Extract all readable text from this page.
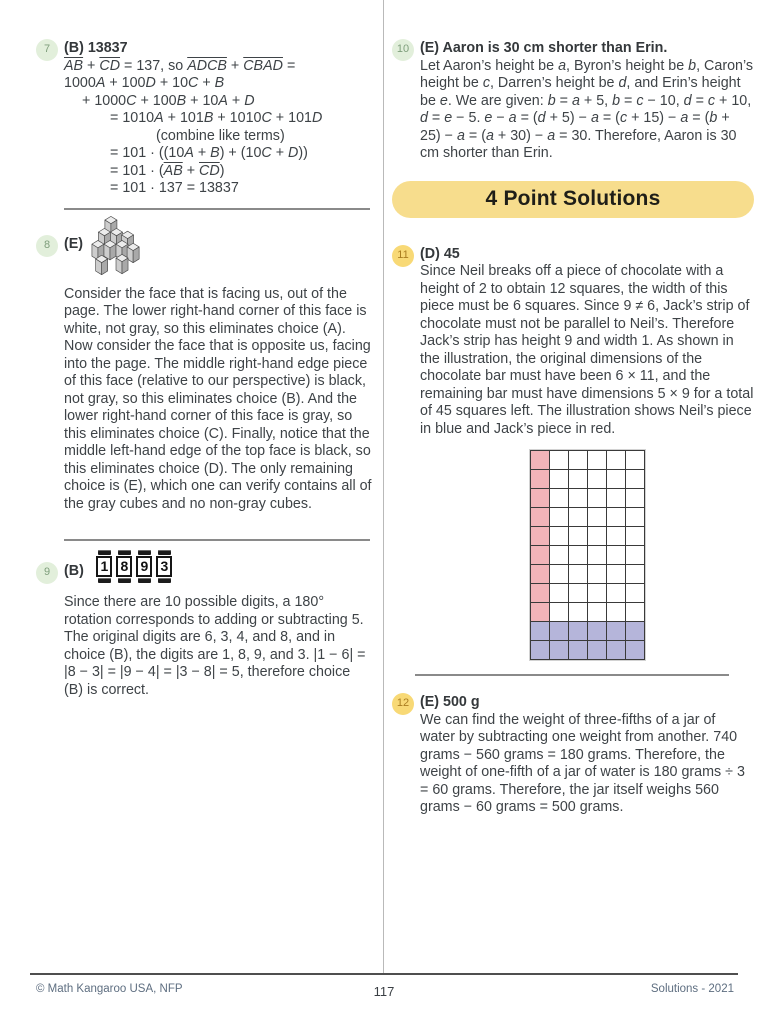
7 (B) 13837
$\overline{AB} + \overline{CD} = 137$, so ADCB + CBAD =
1000A + 100D + 10C + B
+ 1000C + 100B + 10A + D
= 1010A + 101B + 1010C + 101D
(combine like terms)
= 101 · ((10A + B) + (10C + D))
= $101 \cdot (\overline{AB} + \overline{CD})$
= 101 · 137 = 13837
8 (E)
Consider the face that is facing us, out of the page. The lower right-hand corner of this face is white, not gray, so this eliminates choice (A). Now consider the face that is opposite us, facing into the page. The middle right-hand edge piece of this face (relative to our perspective) is black, not gray, so this eliminates choice (B). And the lower right-hand corner of this face is gray, so this eliminates choice (C). Finally, notice that the middle left-hand edge of the top face is black, so this eliminates choice (D). The only remaining choice is (E), which one can verify contains all of the gray cubes and no non-gray cubes.
9 (B) 1 8 9 3
Since there are 10 possible digits, a 180° rotation corresponds to adding or subtracting 5. The original digits are 6, 3, 4, and 8, and in choice (B), the digits are 1, 8, 9, and 3. |1 − 6| = |8 − 3| = |9 − 4| = |3 − 8| = 5, therefore choice (B) is correct.
10 (E) Aaron is 30 cm shorter than Erin.
Let Aaron’s height be a, Byron’s height be b, Caron’s height be c, Darren’s height be d, and Erin’s height be e. We are given: b = a + 5, b = c − 10, d = c + 10, d = e − 5. e − a = (d + 5) − a = (c + 15) − a = (b + 25) − a = (a + 30) − a = 30. Therefore, Aaron is 30 cm shorter than Erin.
4 Point Solutions
11 (D) 45
Since Neil breaks off a piece of chocolate with a height of 2 to obtain 12 squares, the width of this piece must be 6 squares. Since 9 ≠ 6, Jack’s strip of chocolate must not be parallel to Neil’s. Therefore Jack’s strip has height 9 and width 1. As shown in the illustration, the original dimensions of the chocolate bar must have been 6 × 11, and the remaining bar must have dimensions 5 × 9 for a total of 45 squares left. The illustration shows Neil’s piece in blue and Jack’s piece in red.
12 (E) 500 g
We can find the weight of three-fifths of a jar of water by subtracting one weight from another. 740 grams − 560 grams = 180 grams. Therefore, the weight of one-fifth of a jar of water is 180 grams ÷ 3 = 60 grams. Therefore, the jar itself weighs 560 grams − 60 grams = 500 grams.
© Math Kangaroo USA, NFP	117	Solutions - 2021
